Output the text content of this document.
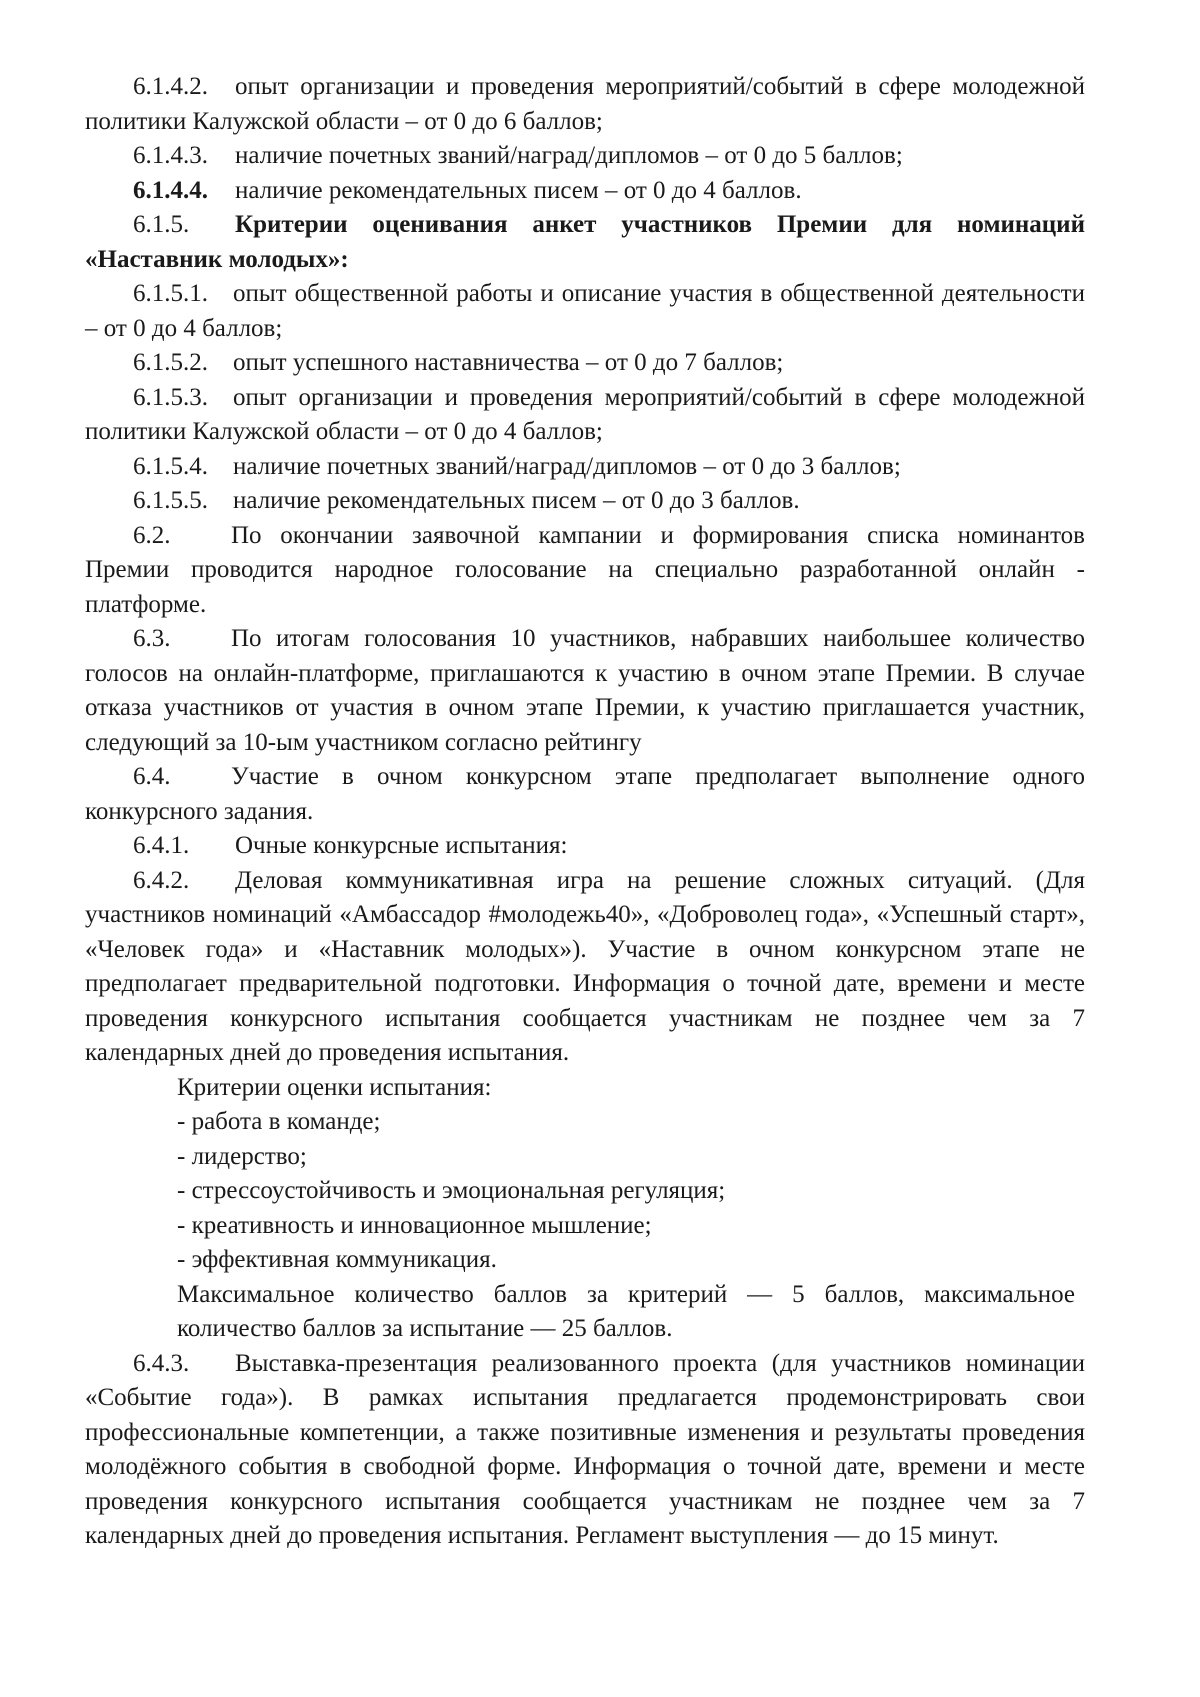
6.1.4.2. опыт организации и проведения мероприятий/событий в сфере молодежной политики Калужской области – от 0 до 6 баллов;

6.1.4.3. наличие почетных званий/наград/дипломов – от 0 до 5 баллов;

6.1.4.4. наличие рекомендательных писем – от 0 до 4 баллов.

6.1.5. Критерии оценивания анкет участников Премии для номинаций «Наставник молодых»:

6.1.5.1. опыт общественной работы и описание участия в общественной деятельности – от 0 до 4 баллов;

6.1.5.2. опыт успешного наставничества – от 0 до 7 баллов;

6.1.5.3. опыт организации и проведения мероприятий/событий в сфере молодежной политики Калужской области – от 0 до 4 баллов;

6.1.5.4. наличие почетных званий/наград/дипломов – от 0 до 3 баллов;

6.1.5.5. наличие рекомендательных писем – от 0 до 3 баллов.

6.2. По окончании заявочной кампании и формирования списка номинантов Премии проводится народное голосование на специально разработанной онлайн - платформе.

6.3. По итогам голосования 10 участников, набравших наибольшее количество голосов на онлайн-платформе, приглашаются к участию в очном этапе Премии. В случае отказа участников от участия в очном этапе Премии, к участию приглашается участник, следующий за 10-ым участником согласно рейтингу

6.4. Участие в очном конкурсном этапе предполагает выполнение одного конкурсного задания.

6.4.1. Очные конкурсные испытания:

6.4.2. Деловая коммуникативная игра на решение сложных ситуаций. (Для участников номинаций «Амбассадор #молодежь40», «Доброволец года», «Успешный старт», «Человек года» и «Наставник молодых»). Участие в очном конкурсном этапе не предполагает предварительной подготовки. Информация о точной дате, времени и месте проведения конкурсного испытания сообщается участникам не позднее чем за 7 календарных дней до проведения испытания.

Критерии оценки испытания:

- работа в команде;

- лидерство;

- стрессоустойчивость и эмоциональная регуляция;

- креативность и инновационное мышление;

- эффективная коммуникация.

Максимальное количество баллов за критерий — 5 баллов, максимальное количество баллов за испытание — 25 баллов.

6.4.3. Выставка-презентация реализованного проекта (для участников номинации «Событие года»). В рамках испытания предлагается продемонстрировать свои профессиональные компетенции, а также позитивные изменения и результаты проведения молодёжного события в свободной форме. Информация о точной дате, времени и месте проведения конкурсного испытания сообщается участникам не позднее чем за 7 календарных дней до проведения испытания. Регламент выступления — до 15 минут.
